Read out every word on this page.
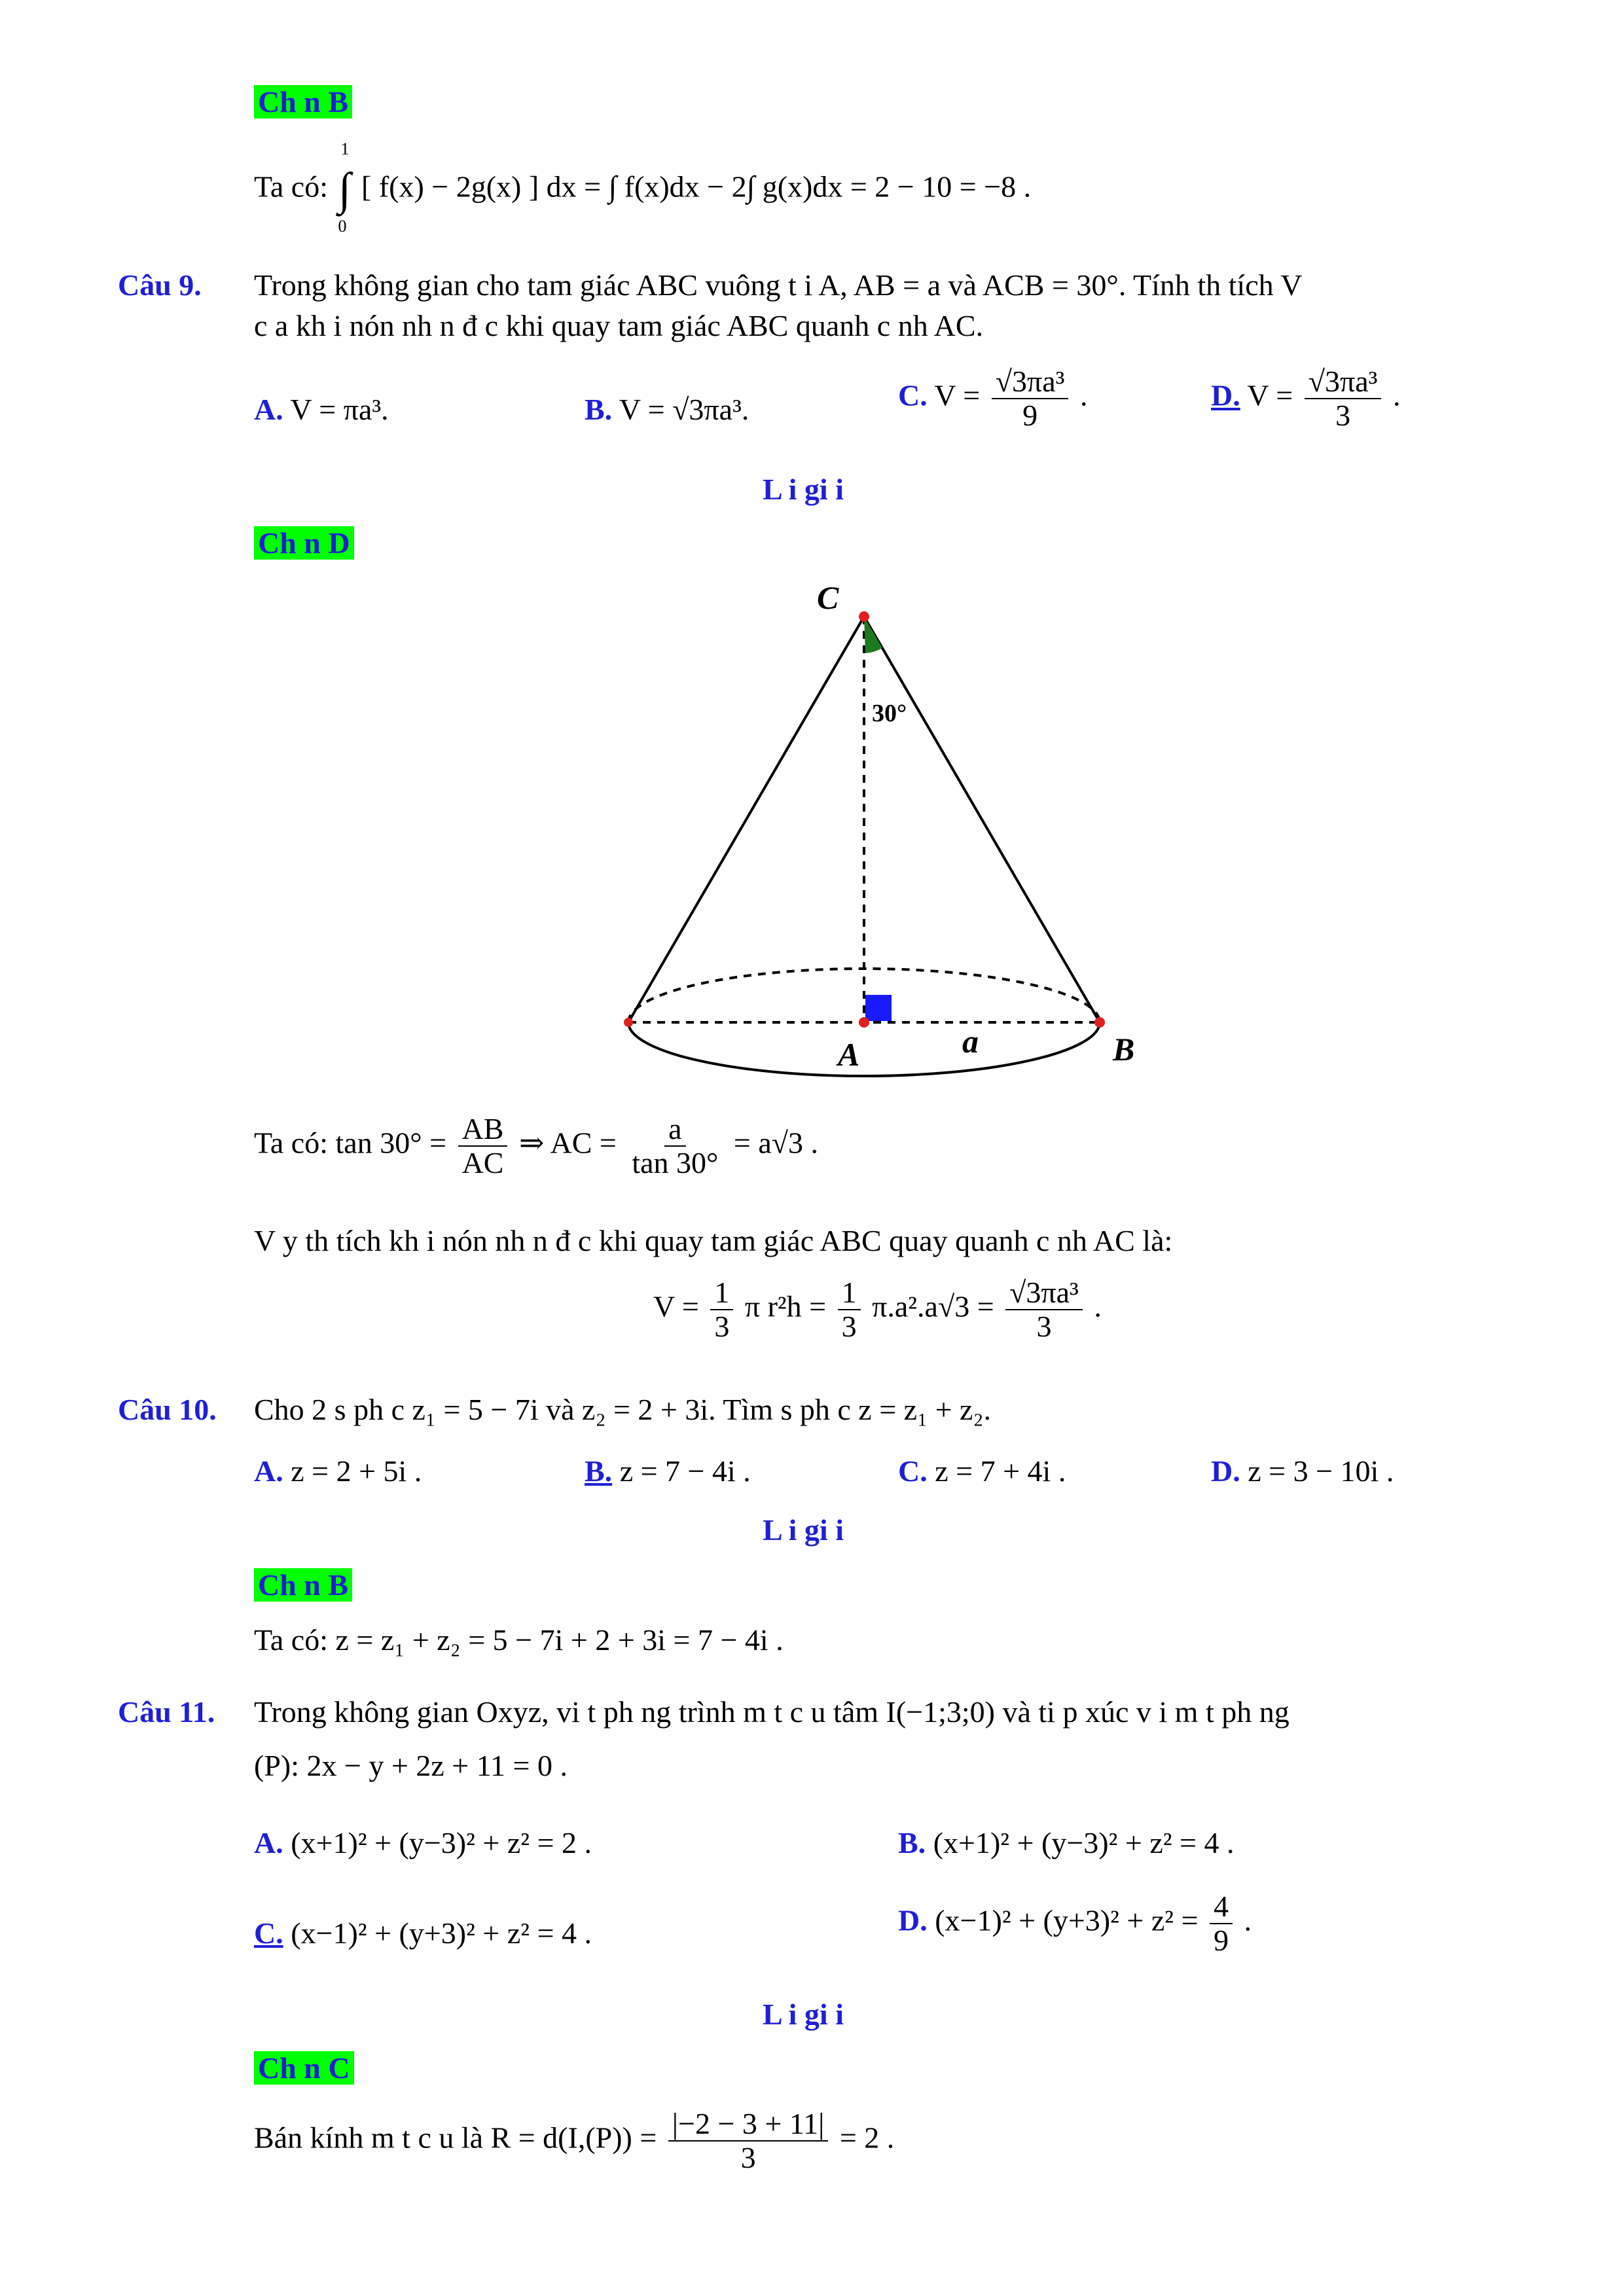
Ch n B
Ta có: ∫
1
0
[ f(x) − 2g(x) ] dx = ∫ f(x)dx − 2∫ g(x)dx = 2 − 10 = −8 .
Câu 9. Trong không gian cho tam giác ABC vuông t i A, AB = a và ACB = 30°. Tính th tích V
c a kh i nón nh n đ c khi quay tam giác ABC quanh c nh AC.
A. V = πa³.	B. V = √3πa³.	C. $V = \frac{\text{√3πa³}}{9}$ .	D. $V = \frac{\text{√3πa³}}{3}$ .
L i gi i
Ch n D
C
30°
A	a	B
Ta có: $\tan 30^\circ = \frac{AB}{AC}$ ⇒ AC = $\frac{a}{\tan 30^\circ} = a√3$ .
V y th tích kh i nón nh n đ c khi quay tam giác ABC quay quanh c nh AC là:
$V = \frac{1}{3}$ π $r^2h = \frac{1}{3} \pi.a^2.a√3 = \frac{\text{√3πa³}}{3}$ .
Câu 10. Cho 2 s ph c z₁ = 5 − 7i và z₂ = 2 + 3i. Tìm s ph c z = z₁ + z₂.
A. z = 2 + 5i .	B. z = 7 − 4i .	C. z = 7 + 4i .	D. z = 3 − 10i .
L i gi i
Ch n B
Ta có: z = z₁ + z₂ = 5 − 7i + 2 + 3i = 7 − 4i .
Câu 11. Trong không gian Oxyz, vi t ph ng trình m t c u tâm I(−1;3;0) và ti p xúc v i m t ph ng
(P): 2x − y + 2z + 11 = 0 .
A. (x+1)² + (y−3)² + z² = 2 .	B. (x+1)² + (y−3)² + z² = 4 .
C. (x−1)² + (y+3)² + z² = 4 .	D. $(x-1)^2 + (y+3)^2 + z^2 = \frac{4}{9}$ .
L i gi i
Ch n C
Bán kính m t c u là $R = d(I,(P)) = \frac{|-2 - 3 + 11|}{3} = 2$ .
